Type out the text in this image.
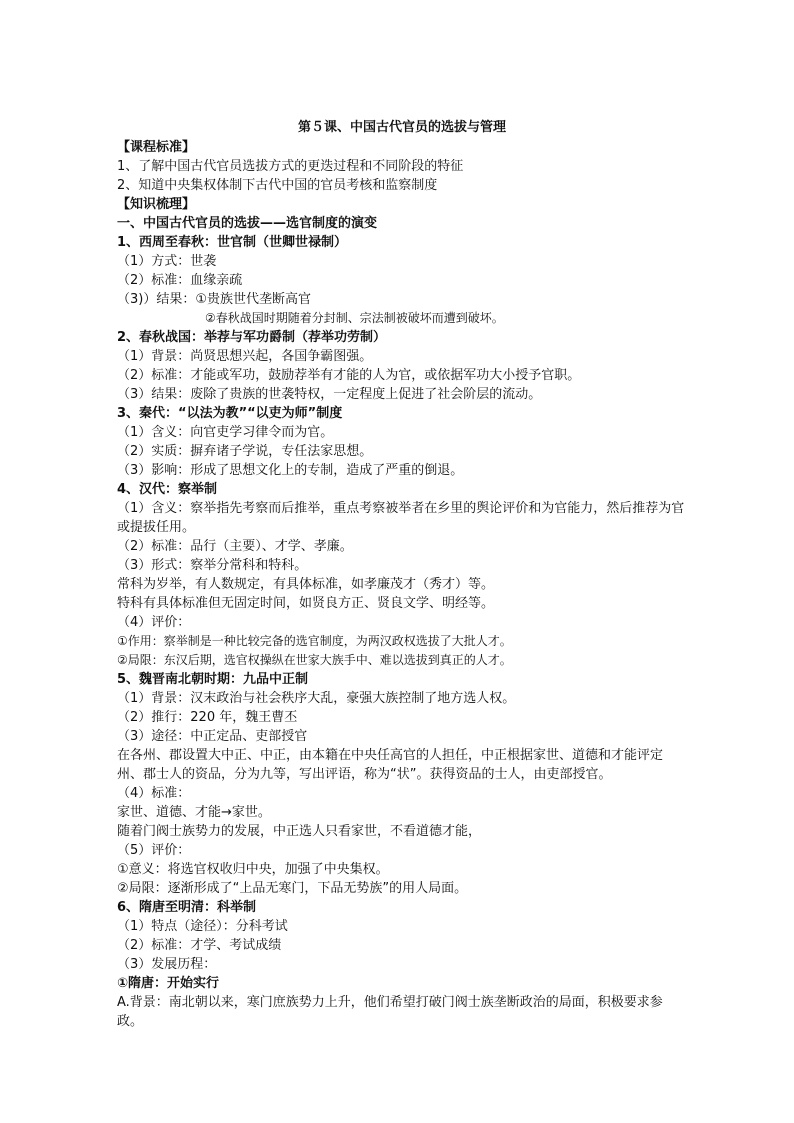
第５课、中国古代官员的选拔与管理
【课程标准】
1、了解中国古代官员选拔方式的更迭过程和不同阶段的特征
2、知道中央集权体制下古代中国的官员考核和监察制度
【知识梳理】
一、中国古代官员的选拔——选官制度的演变
1、西周至春秋：世官制（世卿世禄制）
（1）方式：世袭
（2）标准：血缘亲疏
（3)）结果：①贵族世代垄断高官
②春秋战国时期随着分封制、宗法制被破坏而遭到破坏。
2、春秋战国：举荐与军功爵制（荐举功劳制）
（1）背景：尚贤思想兴起，各国争霸图强。
（2）标准：才能或军功，鼓励荐举有才能的人为官，或依据军功大小授予官职。
（3）结果：废除了贵族的世袭特权，一定程度上促进了社会阶层的流动。
3、秦代：“以法为教”“以吏为师”制度
（1）含义：向官吏学习律令而为官。
（2）实质：摒弃诸子学说，专任法家思想。
（3）影响：形成了思想文化上的专制，造成了严重的倒退。
4、汉代：察举制
（1）含义：察举指先考察而后推举，重点考察被举者在乡里的舆论评价和为官能力，然后推荐为官或提拔任用。
（2）标准：品行（主要）、才学、孝廉。
（3）形式：察举分常科和特科。
常科为岁举，有人数规定，有具体标准，如孝廉茂才（秀才）等。
特科有具体标准但无固定时间，如贤良方正、贤良文学、明经等。
（4）评价：
①作用：察举制是一种比较完备的选官制度，为两汉政权选拔了大批人才。
②局限：东汉后期，选官权操纵在世家大族手中、难以选拔到真正的人才。
5、魏晋南北朝时期：九品中正制
（1）背景：汉末政治与社会秩序大乱，豪强大族控制了地方选人权。
（2）推行：220 年，魏王曹丕
（3）途径：中正定品、吏部授官
在各州、郡设置大中正、中正，由本籍在中央任高官的人担任，中正根据家世、道德和才能评定州、郡士人的资品，分为九等，写出评语，称为“状”。获得资品的士人，由吏部授官。
（4）标准：
家世、道德、才能→家世。
随着门阀士族势力的发展，中正选人只看家世，不看道德才能，
（5）评价：
①意义：将选官权收归中央，加强了中央集权。
②局限：逐渐形成了“上品无寒门，下品无势族”的用人局面。
6、隋唐至明清：科举制
（1）特点（途径）：分科考试
（2）标准：才学、考试成绩
（3）发展历程：
①隋唐：开始实行
A.背景：南北朝以来，寒门庶族势力上升，他们希望打破门阀士族垄断政治的局面，积极要求参政。
